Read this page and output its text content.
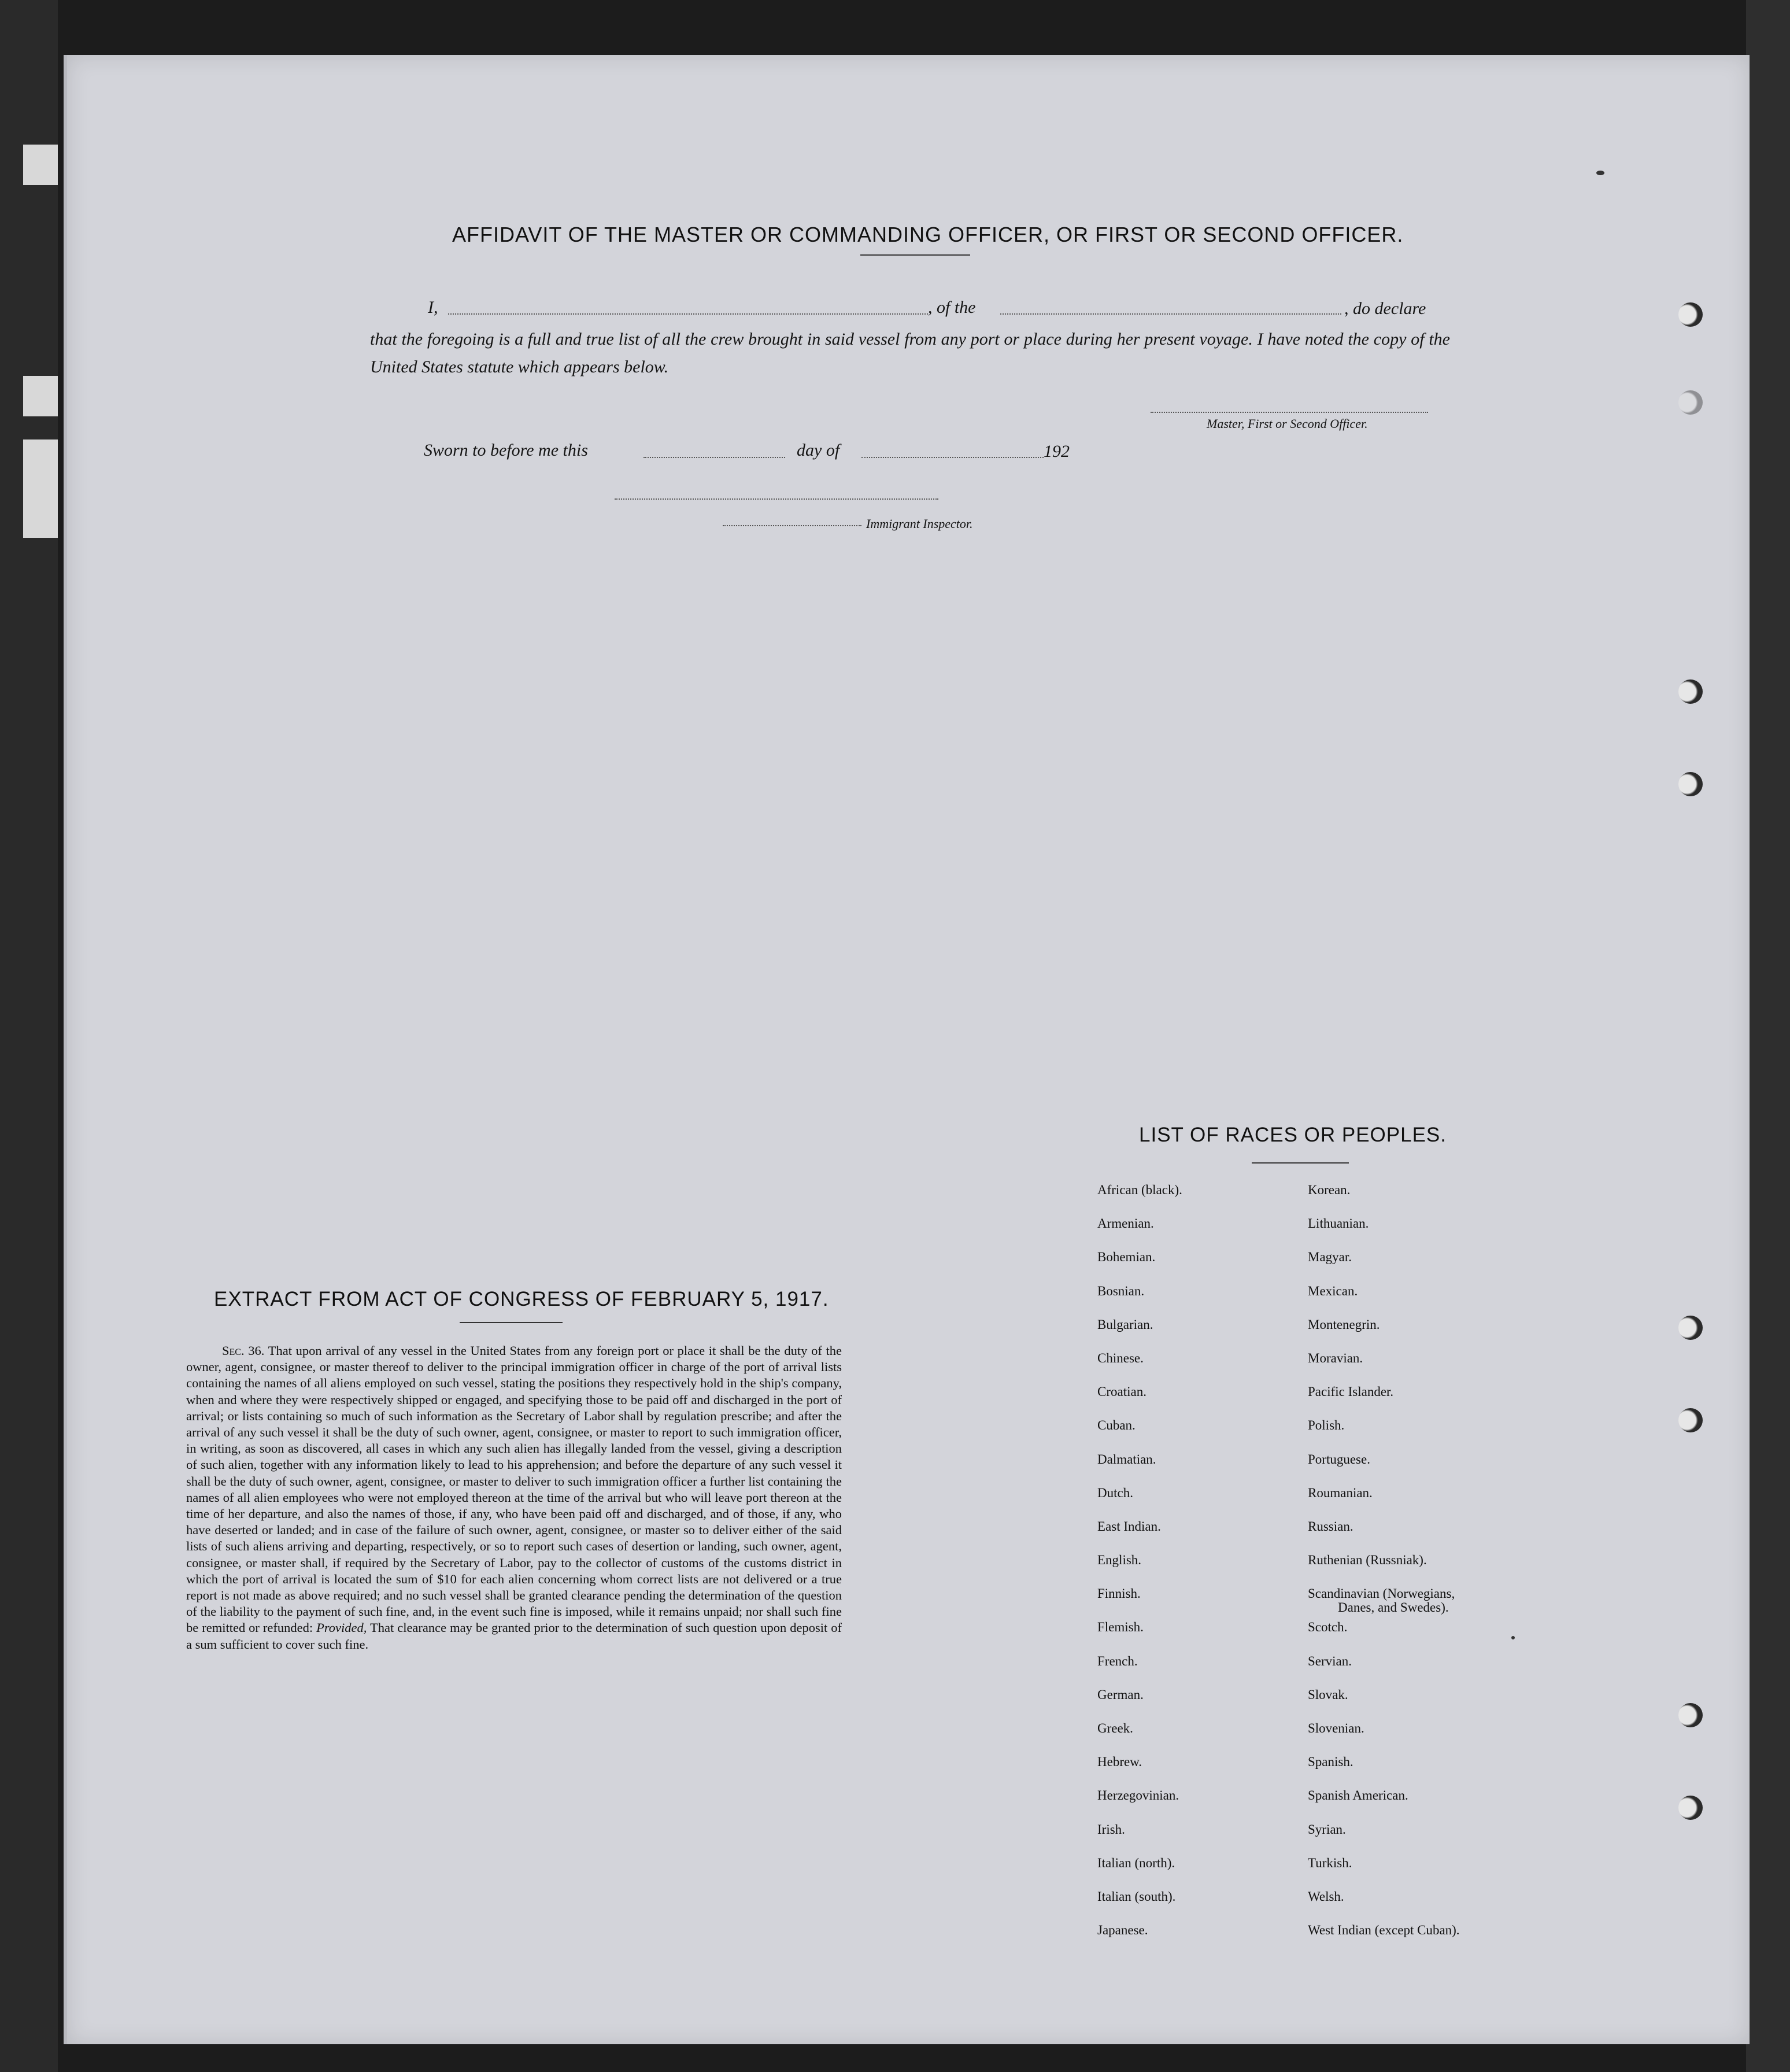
AFFIDAVIT OF THE MASTER OR COMMANDING OFFICER, OR FIRST OR SECOND OFFICER.
I,	, of the	, do declare
that the foregoing is a full and true list of all the crew brought in said vessel from any port or place during her present voyage. I have noted the copy of the United States statute which appears below.
Master, First or Second Officer.
Sworn to before me this	day of	192
Immigrant Inspector.
EXTRACT FROM ACT OF CONGRESS OF FEBRUARY 5, 1917.
Sec. 36. That upon arrival of any vessel in the United States from any foreign port or place it shall be the duty of the owner, agent, consignee, or master thereof to deliver to the principal immigration officer in charge of the port of arrival lists containing the names of all aliens employed on such vessel, stating the positions they respectively hold in the ship's company, when and where they were respectively shipped or engaged, and specifying those to be paid off and discharged in the port of arrival; or lists containing so much of such information as the Secretary of Labor shall by regulation prescribe; and after the arrival of any such vessel it shall be the duty of such owner, agent, consignee, or master to report to such immigration officer, in writing, as soon as discovered, all cases in which any such alien has illegally landed from the vessel, giving a description of such alien, together with any information likely to lead to his apprehension; and before the departure of any such vessel it shall be the duty of such owner, agent, consignee, or master to deliver to such immigration officer a further list containing the names of all alien employees who were not employed thereon at the time of the arrival but who will leave port thereon at the time of her departure, and also the names of those, if any, who have been paid off and discharged, and of those, if any, who have deserted or landed; and in case of the failure of such owner, agent, consignee, or master so to deliver either of the said lists of such aliens arriving and departing, respectively, or so to report such cases of desertion or landing, such owner, agent, consignee, or master shall, if required by the Secretary of Labor, pay to the collector of customs of the customs district in which the port of arrival is located the sum of $10 for each alien concerning whom correct lists are not delivered or a true report is not made as above required; and no such vessel shall be granted clearance pending the determination of the question of the liability to the payment of such fine, and, in the event such fine is imposed, while it remains unpaid; nor shall such fine be remitted or refunded: Provided, That clearance may be granted prior to the determination of such question upon deposit of a sum sufficient to cover such fine.
LIST OF RACES OR PEOPLES.
African (black).	Korean.
Armenian.	Lithuanian.
Bohemian.	Magyar.
Bosnian.	Mexican.
Bulgarian.	Montenegrin.
Chinese.	Moravian.
Croatian.	Pacific Islander.
Cuban.	Polish.
Dalmatian.	Portuguese.
Dutch.	Roumanian.
East Indian.	Russian.
English.	Ruthenian (Russniak).
Finnish.	Scandinavian (Norwegians,
Danes, and Swedes).
Flemish.	Scotch.
French.	Servian.
German.	Slovak.
Greek.	Slovenian.
Hebrew.	Spanish.
Herzegovinian.	Spanish American.
Irish.	Syrian.
Italian (north).	Turkish.
Italian (south).	Welsh.
Japanese.	West Indian (except Cuban).
